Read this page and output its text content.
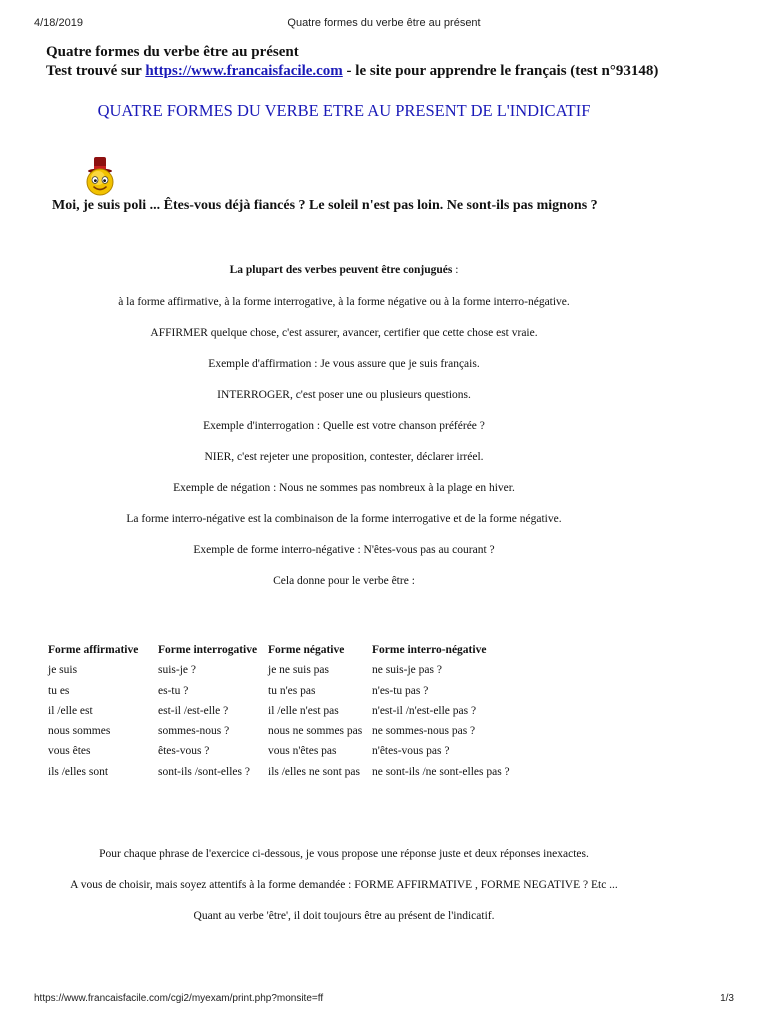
4/18/2019	Quatre formes du verbe être au présent
Quatre formes du verbe être au présent
Test trouvé sur https://www.francaisfacile.com - le site pour apprendre le français (test n°93148)
QUATRE FORMES DU VERBE ETRE AU PRESENT DE L'INDICATIF
Moi, je suis poli ... Êtes-vous déjà fiancés ? Le soleil n'est pas loin. Ne sont-ils pas mignons ?
La plupart des verbes peuvent être conjugués :
à la forme affirmative, à la forme interrogative, à la forme négative ou à la forme interro-négative.
AFFIRMER quelque chose, c'est assurer, avancer, certifier que cette chose est vraie.
Exemple d'affirmation : Je vous assure que je suis français.
INTERROGER, c'est poser une ou plusieurs questions.
Exemple d'interrogation : Quelle est votre chanson préférée ?
NIER, c'est rejeter une proposition, contester, déclarer irréel.
Exemple de négation : Nous ne sommes pas nombreux à la plage en hiver.
La forme interro-négative est la combinaison de la forme interrogative et de la forme négative.
Exemple de forme interro-négative : N'êtes-vous pas au courant ?
Cela donne pour le verbe être :
Forme affirmative
je suis
tu es
il /elle est
nous sommes
vous êtes
ils /elles sont
Forme interrogative
suis-je ?
es-tu ?
est-il /est-elle ?
sommes-nous ?
êtes-vous ?
sont-ils /sont-elles ?
Forme négative
je ne suis pas
tu n'es pas
il /elle n'est pas
nous ne sommes pas
vous n'êtes pas
ils /elles ne sont pas
Forme interro-négative
ne suis-je pas ?
n'es-tu pas ?
n'est-il /n'est-elle pas ?
ne sommes-nous pas ?
n'êtes-vous pas ?
ne sont-ils /ne sont-elles pas ?
Pour chaque phrase de l'exercice ci-dessous, je vous propose une réponse juste et deux réponses inexactes.
A vous de choisir, mais soyez attentifs à la forme demandée : FORME AFFIRMATIVE , FORME NEGATIVE ? Etc ...
Quant au verbe 'être', il doit toujours être au présent de l'indicatif.
https://www.francaisfacile.com/cgi2/myexam/print.php?monsite=ff	1/3
